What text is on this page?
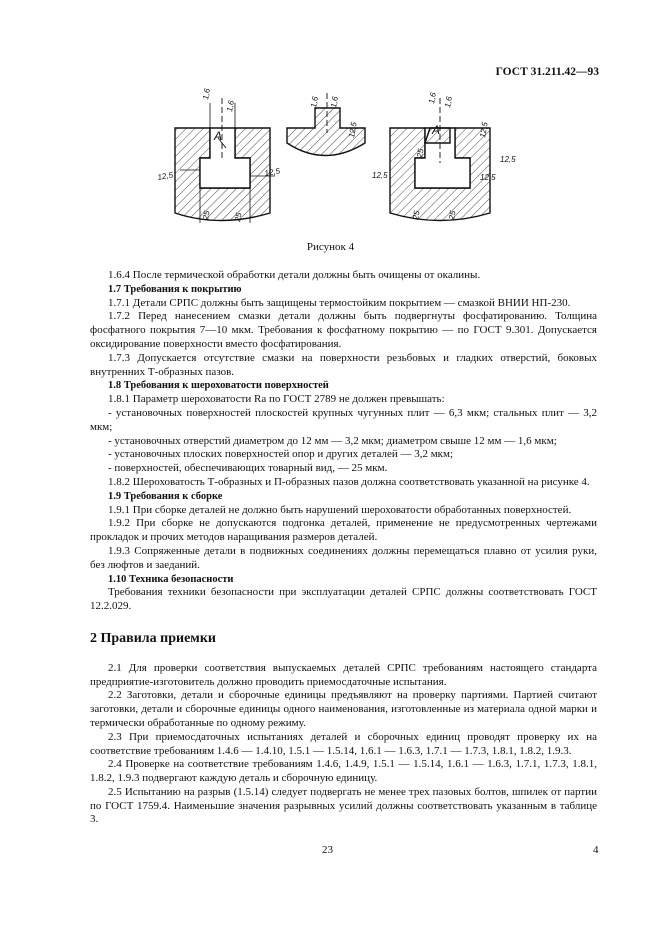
ГОСТ 31.211.42—93
А
1,6
1,6
12,5	12,5
25	25
1,6 1,6
12,5	А
1,6 1,6
12,5
12,5
12,5	12,5
25
25	25
Рисунок 4

1.6.4 После термической обработки детали должны быть очищены от окалины.

1.7 Требования к покрытию

1.7.1 Детали СРПС должны быть защищены термостойким покрытием — смазкой ВНИИ НП-230.

1.7.2 Перед нанесением смазки детали должны быть подвергнуты фосфатированию. Толщина фосфатного покрытия 7—10 мкм. Требования к фосфатному покрытию — по ГОСТ 9.301. Допускается оксидирование поверхности вместо фосфатирования.

1.7.3 Допускается отсутствие смазки на поверхности резьбовых и гладких отверстий, боковых внутренних Т-образных пазов.

1.8 Требования к шероховатости поверхностей

1.8.1 Параметр шероховатости Ra по ГОСТ 2789 не должен превышать:

- установочных поверхностей плоскостей крупных чугунных плит — 6,3 мкм; стальных плит — 3,2 мкм;

- установочных отверстий диаметром до 12 мм — 3,2 мкм; диаметром свыше 12 мм — 1,6 мкм;

- установочных плоских поверхностей опор и других деталей — 3,2 мкм;

- поверхностей, обеспечивающих товарный вид, — 25 мкм.

1.8.2 Шероховатость Т-образных и П-образных пазов должна соответствовать указанной на рисунке 4.

1.9 Требования к сборке

1.9.1 При сборке деталей не должно быть нарушений шероховатости обработанных поверхностей.

1.9.2 При сборке не допускаются подгонка деталей, применение не предусмотренных чертежами прокладок и прочих методов наращивания размеров деталей.

1.9.3 Сопряженные детали в подвижных соединениях должны перемещаться плавно от усилия руки, без люфтов и заеданий.

1.10 Техника безопасности

Требования техники безопасности при эксплуатации деталей СРПС должны соответствовать ГОСТ 12.2.029.

2 Правила приемки

2.1 Для проверки соответствия выпускаемых деталей СРПС требованиям настоящего стандарта предприятие-изготовитель должно проводить приемосдаточные испытания.

2.2 Заготовки, детали и сборочные единицы предъявляют на проверку партиями. Партией считают заготовки, детали и сборочные единицы одного наименования, изготовленные из материала одной марки и термически обработанные по одному режиму.

2.3 При приемосдаточных испытаниях деталей и сборочных единиц проводят проверку их на соответствие требованиям 1.4.6 — 1.4.10, 1.5.1 — 1.5.14, 1.6.1 — 1.6.3, 1.7.1 — 1.7.3, 1.8.1, 1.8.2, 1.9.3.

2.4 Проверке на соответствие требованиям 1.4.6, 1.4.9, 1.5.1 — 1.5.14, 1.6.1 — 1.6.3, 1.7.1, 1.7.3, 1.8.1, 1.8.2, 1.9.3 подвергают каждую деталь и сборочную единицу.

2.5 Испытанию на разрыв (1.5.14) следует подвергать не менее трех пазовых болтов, шпилек от партии по ГОСТ 1759.4. Наименьшие значения разрывных усилий должны соответствовать указанным в таблице 3.

23	4
